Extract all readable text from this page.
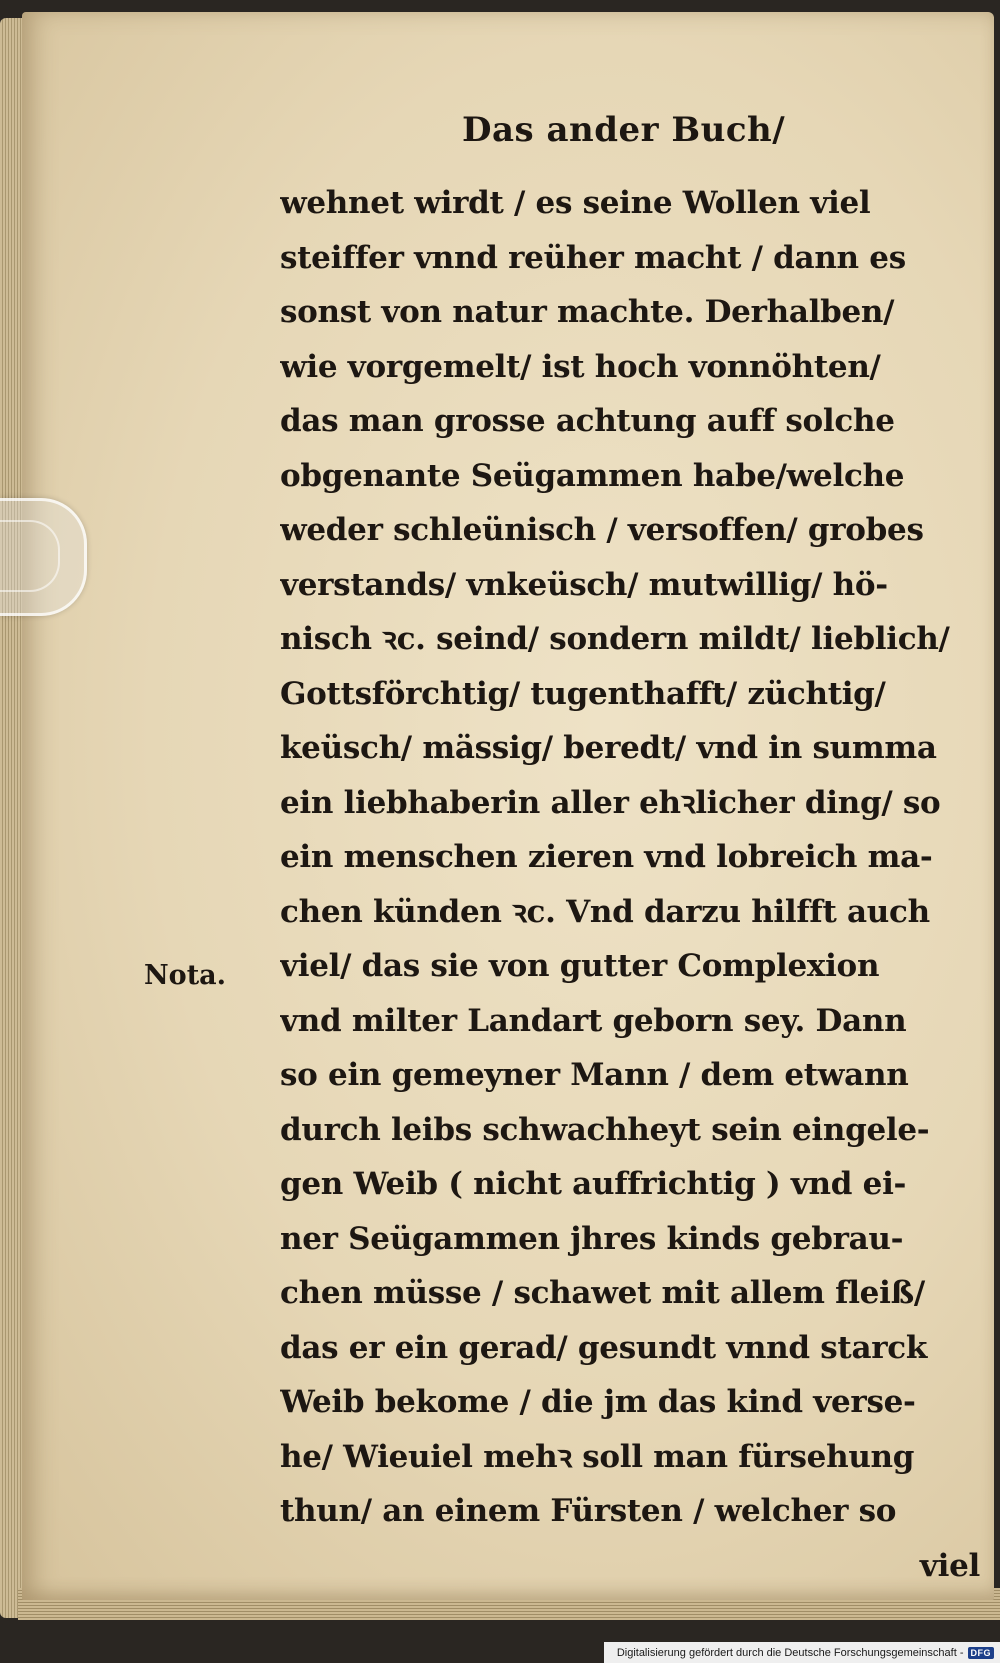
Das ander Buch/
wehnet wirdt / es seine Wollen viel
steiffer vnnd reüher macht / dann es
sonst von natur machte. Derhalben/
wie vorgemelt/ ist hoch vonnöhten/
das man grosse achtung auff solche
obgenante Seügammen habe/welche
weder schleünisch / versoffen/ grobes
verstands/ vnkeüsch/ mutwillig/ hö-
nisch ꝛc. seind/ sondern mildt/ lieblich/
Gottsförchtig/ tugenthafft/ züchtig/
keüsch/ mässig/ beredt/ vnd in summa
ein liebhaberin aller ehꝛlicher ding/ so
ein menschen zieren vnd lobreich ma-
chen künden ꝛc. Vnd darzu hilfft auch
viel/ das sie von gutter Complexion
vnd milter Landart geborn sey. Dann
so ein gemeyner Mann / dem etwann
durch leibs schwachheyt sein eingele-
gen Weib ( nicht auffrichtig ) vnd ei-
ner Seügammen jhres kinds gebrau-
chen müsse / schawet mit allem fleiß/
das er ein gerad/ gesundt vnnd starck
Weib bekome / die jm das kind verse-
he/ Wieuiel mehꝛ soll man fürsehung
thun/ an einem Fürsten / welcher so
viel
Nota.
Digitalisierung gefördert durch die Deutsche Forschungsgemeinschaft - DFG
